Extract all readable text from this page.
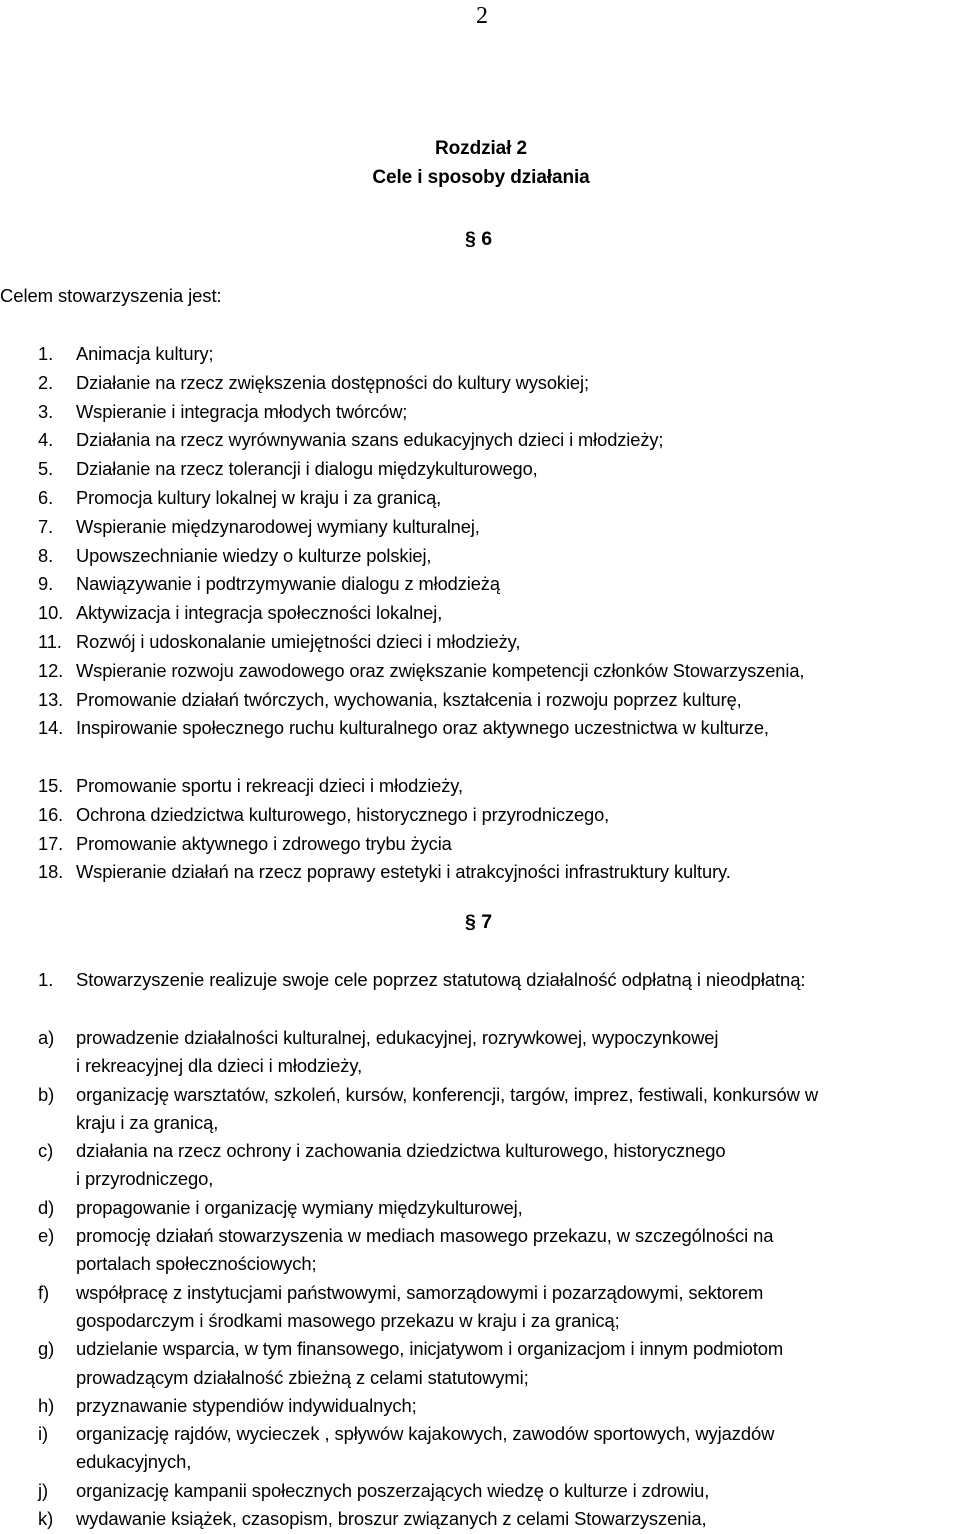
2
Rozdział 2
Cele i sposoby działania
§ 6
Celem stowarzyszenia jest:
1.	Animacja kultury;
2.	Działanie na rzecz zwiększenia dostępności do kultury wysokiej;
3.	Wspieranie i integracja młodych twórców;
4.	Działania na rzecz wyrównywania szans edukacyjnych dzieci i młodzieży;
5.	Działanie na rzecz tolerancji i dialogu międzykulturowego,
6.	Promocja kultury lokalnej w kraju i za granicą,
7.	Wspieranie międzynarodowej wymiany kulturalnej,
8.	Upowszechnianie wiedzy o kulturze polskiej,
9.	Nawiązywanie i podtrzymywanie dialogu z młodzieżą
10. Aktywizacja i integracja społeczności lokalnej,
11. Rozwój i udoskonalanie umiejętności dzieci i młodzieży,
12. Wspieranie rozwoju zawodowego oraz zwiększanie kompetencji członków Stowarzyszenia,
13. Promowanie działań twórczych, wychowania, kształcenia i rozwoju poprzez kulturę,
14. Inspirowanie społecznego ruchu kulturalnego oraz aktywnego uczestnictwa w kulturze,
15. Promowanie sportu i rekreacji dzieci i młodzieży,
16. Ochrona dziedzictwa kulturowego, historycznego i przyrodniczego,
17. Promowanie aktywnego i zdrowego trybu życia
18. Wspieranie działań na rzecz poprawy estetyki i atrakcyjności infrastruktury kultury.
§ 7
1. Stowarzyszenie realizuje swoje cele poprzez statutową działalność odpłatną i nieodpłatną:
a)	prowadzenie działalności kulturalnej, edukacyjnej, rozrywkowej, wypoczynkowej
i rekreacyjnej dla dzieci i młodzieży,
b)	organizację warsztatów, szkoleń, kursów, konferencji, targów, imprez, festiwali, konkursów w
kraju i za granicą,
c)	działania na rzecz ochrony i zachowania dziedzictwa kulturowego, historycznego
i przyrodniczego,
d)	propagowanie i organizację wymiany międzykulturowej,
e)	promocję działań stowarzyszenia w mediach masowego przekazu, w szczególności na
portalach społecznościowych;
f)	współpracę z instytucjami państwowymi, samorządowymi i pozarządowymi, sektorem
gospodarczym i środkami masowego przekazu w kraju i za granicą;
g)	udzielanie wsparcia, w tym finansowego, inicjatywom i organizacjom i innym podmiotom
prowadzącym działalność zbieżną z celami statutowymi;
h)	przyznawanie stypendiów indywidualnych;
i)	organizację rajdów, wycieczek , spływów kajakowych, zawodów sportowych, wyjazdów
edukacyjnych,
j)	organizację kampanii społecznych poszerzających wiedzę o kulturze i zdrowiu,
k)	wydawanie książek, czasopism, broszur związanych z celami Stowarzyszenia,
